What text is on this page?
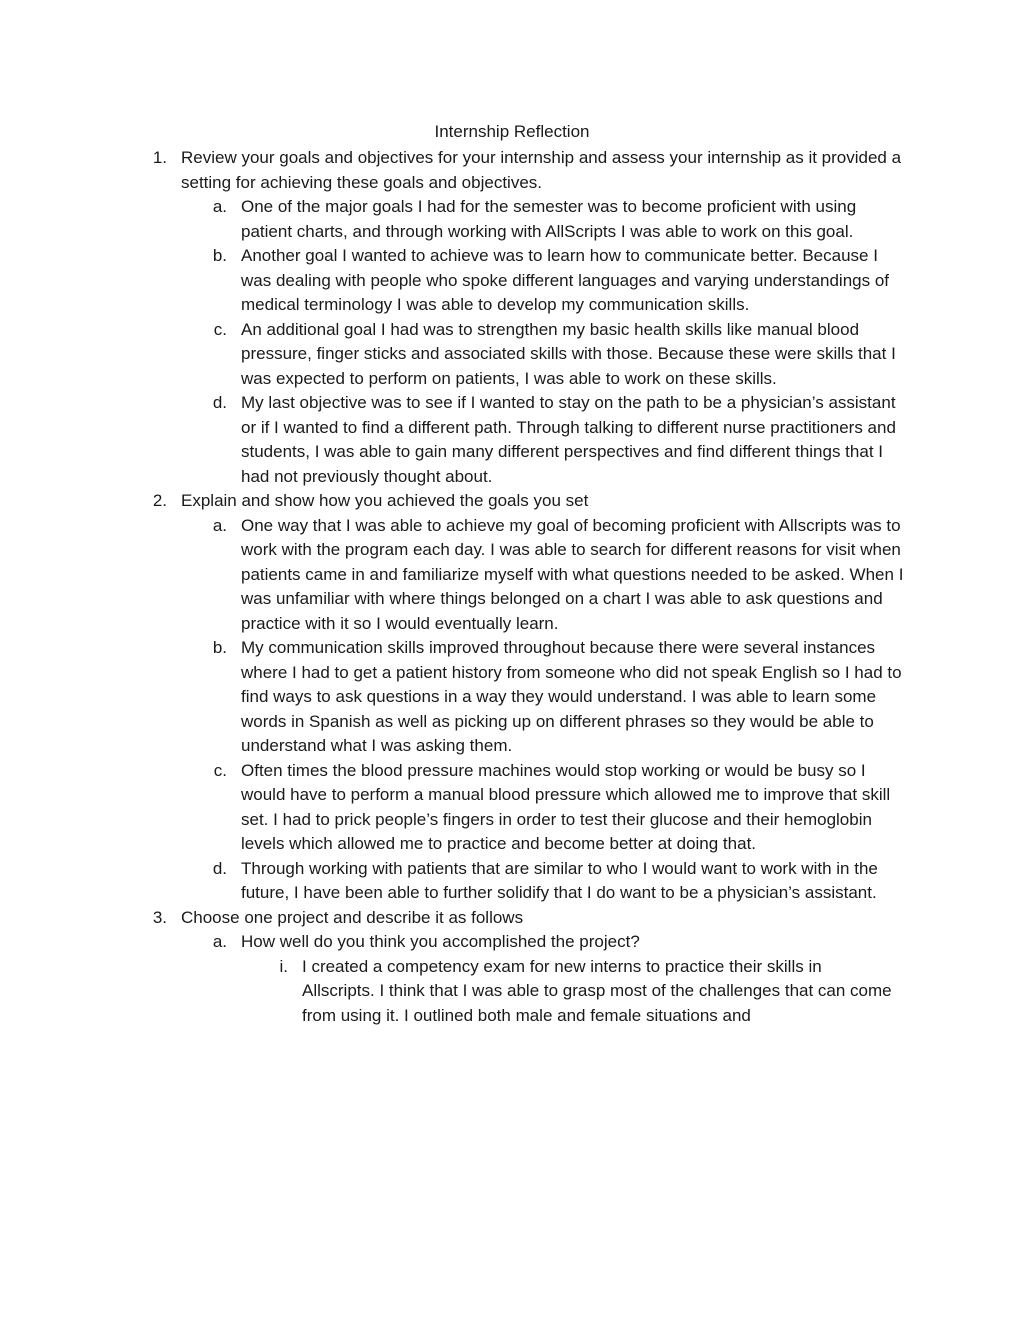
Internship Reflection
1. Review your goals and objectives for your internship and assess your internship as it provided a setting for achieving these goals and objectives.
a. One of the major goals I had for the semester was to become proficient with using patient charts, and through working with AllScripts I was able to work on this goal.
b. Another goal I wanted to achieve was to learn how to communicate better. Because I was dealing with people who spoke different languages and varying understandings of medical terminology I was able to develop my communication skills.
c. An additional goal I had was to strengthen my basic health skills like manual blood pressure, finger sticks and associated skills with those. Because these were skills that I was expected to perform on patients, I was able to work on these skills.
d. My last objective was to see if I wanted to stay on the path to be a physician’s assistant or if I wanted to find a different path. Through talking to different nurse practitioners and students, I was able to gain many different perspectives and find different things that I had not previously thought about.
2. Explain and show how you achieved the goals you set
a. One way that I was able to achieve my goal of becoming proficient with Allscripts was to work with the program each day. I was able to search for different reasons for visit when patients came in and familiarize myself with what questions needed to be asked. When I was unfamiliar with where things belonged on a chart I was able to ask questions and practice with it so I would eventually learn.
b. My communication skills improved throughout because there were several instances where I had to get a patient history from someone who did not speak English so I had to find ways to ask questions in a way they would understand. I was able to learn some words in Spanish as well as picking up on different phrases so they would be able to understand what I was asking them.
c. Often times the blood pressure machines would stop working or would be busy so I would have to perform a manual blood pressure which allowed me to improve that skill set. I had to prick people’s fingers in order to test their glucose and their hemoglobin levels which allowed me to practice and become better at doing that.
d. Through working with patients that are similar to who I would want to work with in the future, I have been able to further solidify that I do want to be a physician’s assistant.
3. Choose one project and describe it as follows
a. How well do you think you accomplished the project?
i. I created a competency exam for new interns to practice their skills in Allscripts. I think that I was able to grasp most of the challenges that can come from using it. I outlined both male and female situations and
